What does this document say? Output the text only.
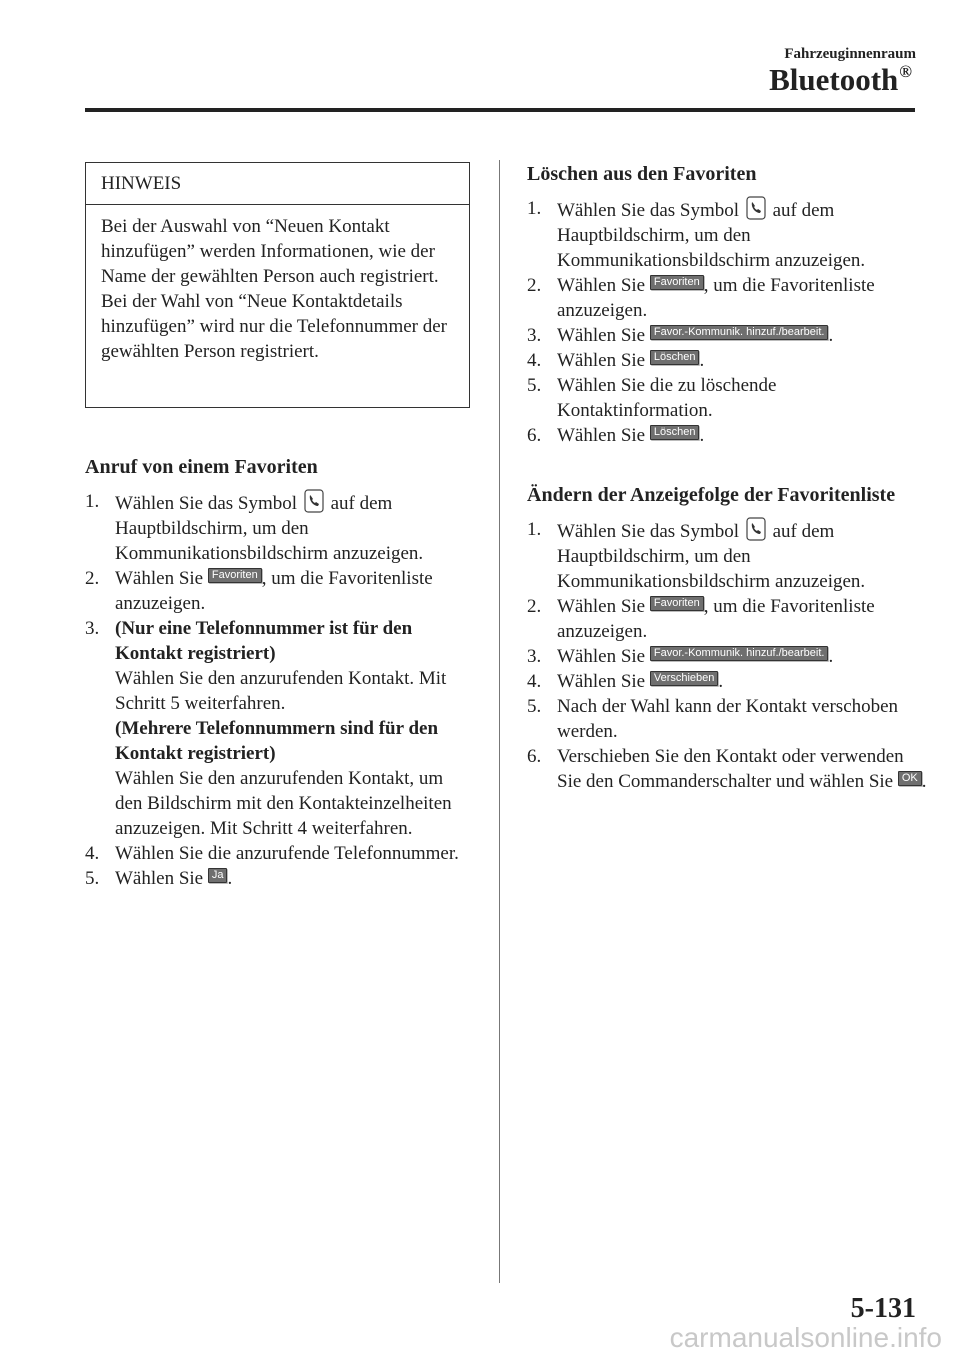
Fahrzeuginnenraum
Bluetooth®
HINWEIS
Bei der Auswahl von “Neuen Kontakt hinzufügen” werden Informationen, wie der Name der gewählten Person auch registriert. Bei der Wahl von “Neue Kontaktdetails hinzufügen” wird nur die Telefonnummer der gewählten Person registriert.
Anruf von einem Favoriten
1. Wählen Sie das Symbol auf dem Hauptbildschirm, um den Kommunikationsbildschirm anzuzeigen.
2. Wählen Sie Favoriten , um die Favoritenliste anzuzeigen.
3. (Nur eine Telefonnummer ist für den Kontakt registriert)
Wählen Sie den anzurufenden Kontakt. Mit Schritt 5 weiterfahren.
(Mehrere Telefonnummern sind für den Kontakt registriert)
Wählen Sie den anzurufenden Kontakt, um den Bildschirm mit den Kontakteinzelheiten anzuzeigen. Mit Schritt 4 weiterfahren.
4. Wählen Sie die anzurufende Telefonnummer.
5. Wählen Sie Ja .
Löschen aus den Favoriten
1. Wählen Sie das Symbol auf dem Hauptbildschirm, um den Kommunikationsbildschirm anzuzeigen.
2. Wählen Sie Favoriten , um die Favoritenliste anzuzeigen.
3. Wählen Sie Favor.-Kommunik. hinzuf./bearbeit. .
4. Wählen Sie Löschen .
5. Wählen Sie die zu löschende Kontaktinformation.
6. Wählen Sie Löschen .
Ändern der Anzeigefolge der Favoritenliste
1. Wählen Sie das Symbol auf dem Hauptbildschirm, um den Kommunikationsbildschirm anzuzeigen.
2. Wählen Sie Favoriten , um die Favoritenliste anzuzeigen.
3. Wählen Sie Favor.-Kommunik. hinzuf./bearbeit. .
4. Wählen Sie Verschieben .
5. Nach der Wahl kann der Kontakt verschoben werden.
6. Verschieben Sie den Kontakt oder verwenden Sie den Commanderschalter und wählen Sie OK .
5-131
carmanualsonline.info
